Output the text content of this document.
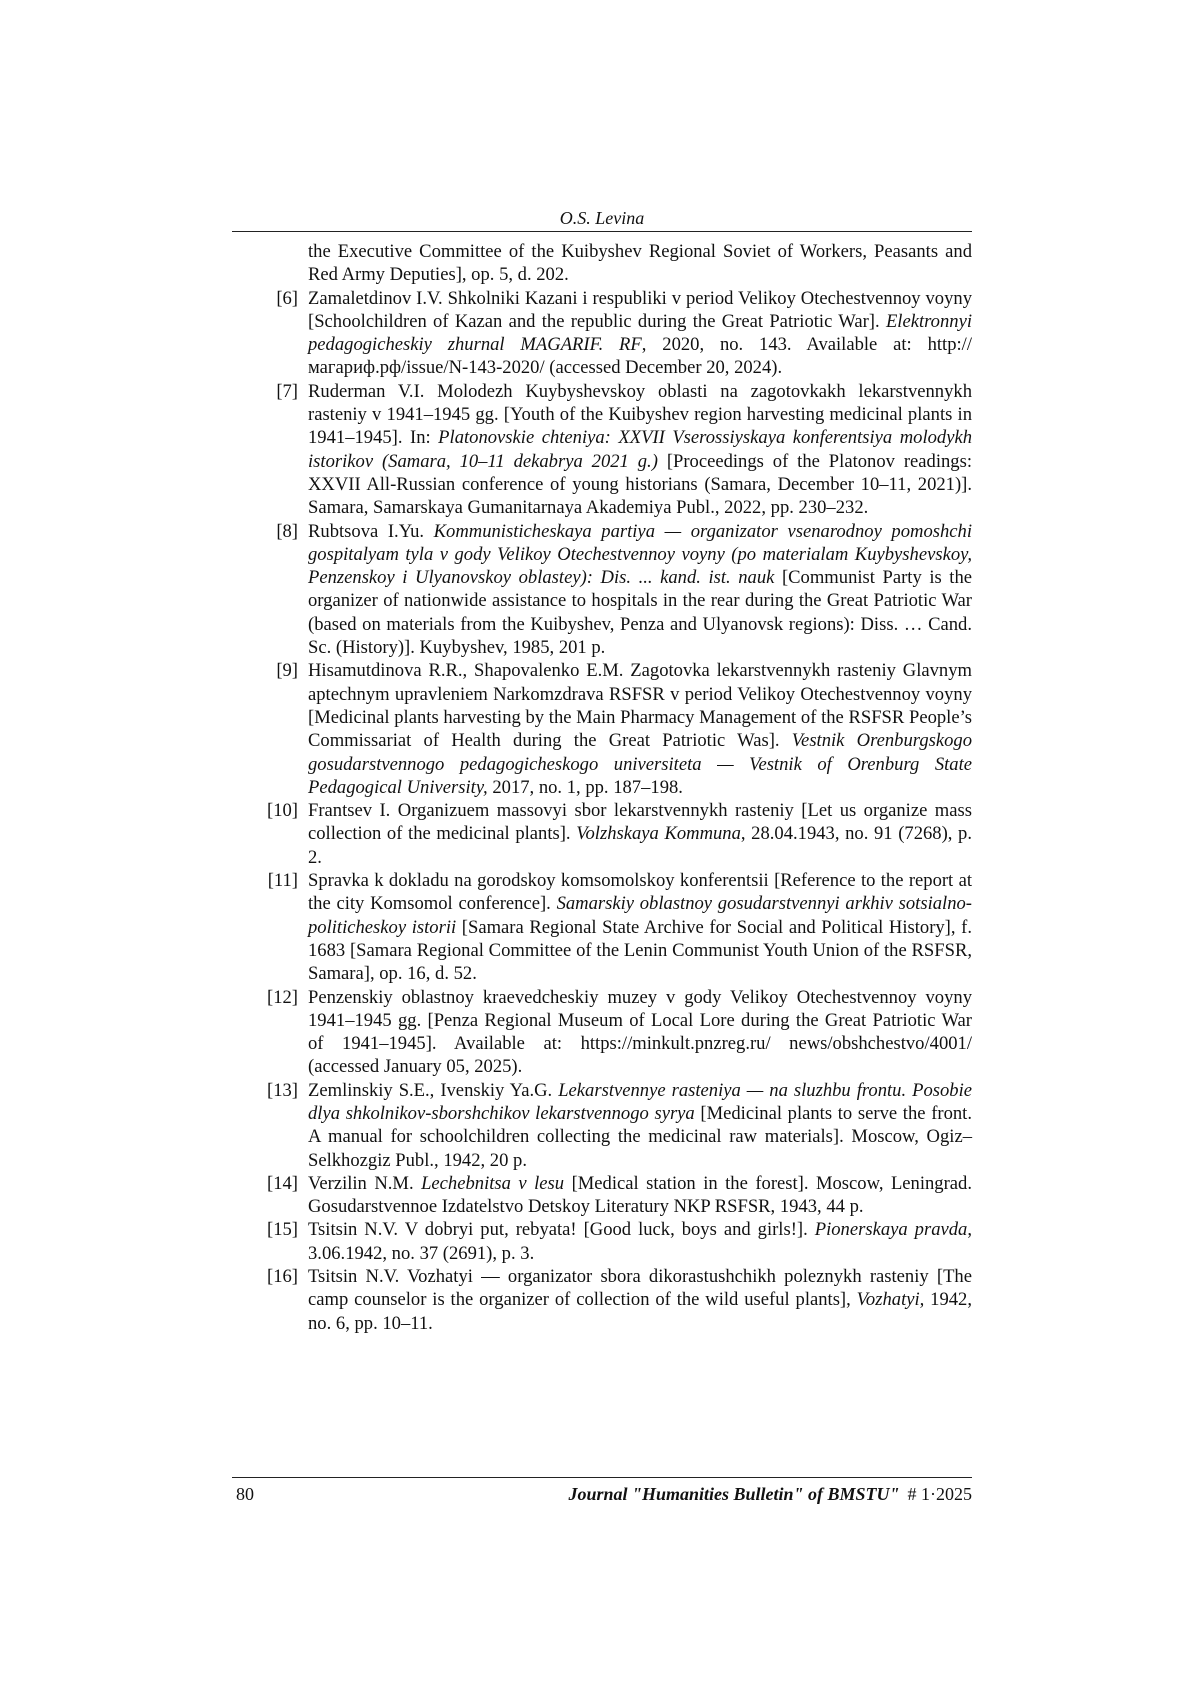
O.S. Levina
the Executive Committee of the Kuibyshev Regional Soviet of Workers, Peasants and Red Army Deputies], op. 5, d. 202.
[6] Zamaletdinov I.V. Shkolniki Kazani i respubliki v period Velikoy Otechestvennoy voyny [Schoolchildren of Kazan and the republic during the Great Patriotic War]. Elektronnyi pedagogicheskiy zhurnal MAGARIF. RF, 2020, no. 143. Available at: http://магариф.рф/issue/N-143-2020/ (accessed December 20, 2024).
[7] Ruderman V.I. Molodezh Kuybyshevskoy oblasti na zagotovkakh lekarstvennykh rasteniy v 1941–1945 gg. [Youth of the Kuibyshev region harvesting medicinal plants in 1941–1945]. In: Platonovskie chteniya: XXVII Vserossiyskaya konferentsiya molodykh istorikov (Samara, 10–11 dekabrya 2021 g.) [Proceedings of the Platonov readings: XXVII All-Russian conference of young historians (Samara, December 10–11, 2021)]. Samara, Samarskaya Gumanitarnaya Akademiya Publ., 2022, pp. 230–232.
[8] Rubtsova I.Yu. Kommunisticheskaya partiya — organizator vsenarodnoy pomoshchi gospitalyam tyla v gody Velikoy Otechestvennoy voyny (po materialam Kuybyshevskoy, Penzenskoy i Ulyanovskoy oblastey): Dis. ... kand. ist. nauk [Communist Party is the organizer of nationwide assistance to hospitals in the rear during the Great Patriotic War (based on materials from the Kuibyshev, Penza and Ulyanovsk regions): Diss. … Cand. Sc. (History)]. Kuybyshev, 1985, 201 p.
[9] Hisamutdinova R.R., Shapovalenko E.M. Zagotovka lekarstvennykh rasteniy Glavnym aptechnym upravleniem Narkomzdrava RSFSR v period Velikoy Otechestvennoy voyny [Medicinal plants harvesting by the Main Pharmacy Management of the RSFSR People’s Commissariat of Health during the Great Patriotic Was]. Vestnik Orenburgskogo gosudarstvennogo pedagogicheskogo universiteta — Vestnik of Orenburg State Pedagogical University, 2017, no. 1, pp. 187–198.
[10] Frantsev I. Organizuem massovyi sbor lekarstvennykh rasteniy [Let us organize mass collection of the medicinal plants]. Volzhskaya Kommuna, 28.04.1943, no. 91 (7268), p. 2.
[11] Spravka k dokladu na gorodskoy komsomolskoy konferentsii [Reference to the report at the city Komsomol conference]. Samarskiy oblastnoy gosudarstvennyi arkhiv sotsialno-politicheskoy istorii [Samara Regional State Archive for Social and Political History], f. 1683 [Samara Regional Committee of the Lenin Communist Youth Union of the RSFSR, Samara], op. 16, d. 52.
[12] Penzenskiy oblastnoy kraevedcheskiy muzey v gody Velikoy Otechestvennoy voyny 1941–1945 gg. [Penza Regional Museum of Local Lore during the Great Patriotic War of 1941–1945]. Available at: https://minkult.pnzreg.ru/ news/obshchestvo/4001/ (accessed January 05, 2025).
[13] Zemlinskiy S.E., Ivenskiy Ya.G. Lekarstvennye rasteniya — na sluzhbu frontu. Posobie dlya shkolnikov-sborshchikov lekarstvennogo syrya [Medicinal plants to serve the front. A manual for schoolchildren collecting the medicinal raw materials]. Moscow, Ogiz–Selkhozgiz Publ., 1942, 20 p.
[14] Verzilin N.M. Lechebnitsa v lesu [Medical station in the forest]. Moscow, Leningrad. Gosudarstvennoe Izdatelstvo Detskoy Literatury NKP RSFSR, 1943, 44 p.
[15] Tsitsin N.V. V dobryi put, rebyata! [Good luck, boys and girls!]. Pionerskaya pravda, 3.06.1942, no. 37 (2691), p. 3.
[16] Tsitsin N.V. Vozhatyi — organizator sbora dikorastushchikh poleznykh rasteniy [The camp counselor is the organizer of collection of the wild useful plants], Vozhatyi, 1942, no. 6, pp. 10–11.
80	Journal "Humanities Bulletin" of BMSTU" # 1·2025
